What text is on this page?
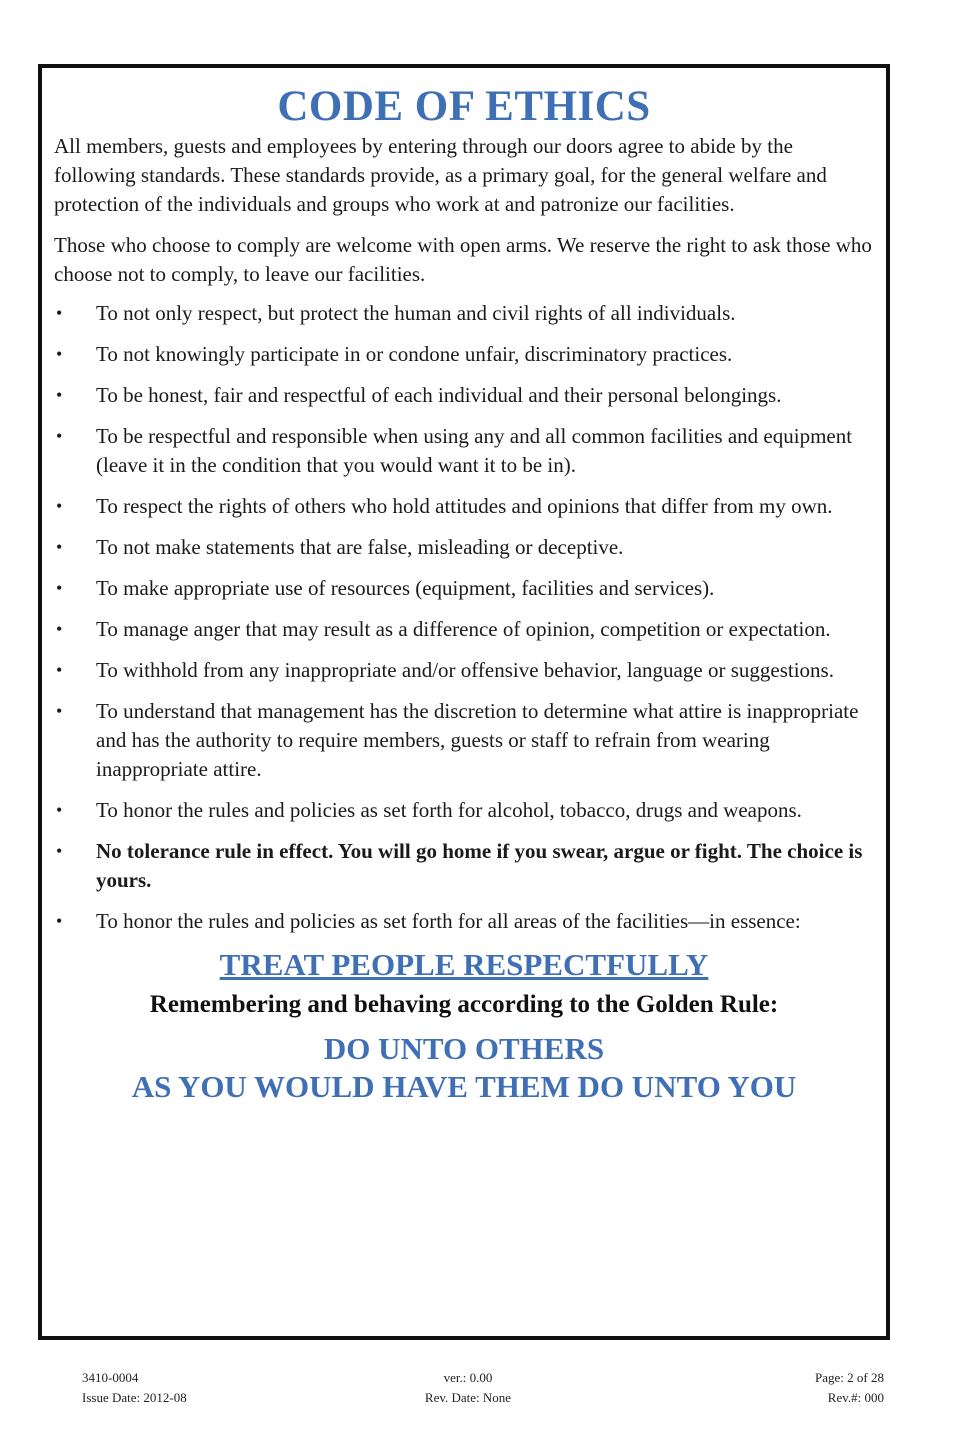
CODE OF ETHICS

All members, guests and employees by entering through our doors agree to abide by the following standards. These standards provide, as a primary goal, for the general welfare and protection of the individuals and groups who work at and patronize our facilities.

Those who choose to comply are welcome with open arms. We reserve the right to ask those who choose not to comply, to leave our facilities.

• To not only respect, but protect the human and civil rights of all individuals.
• To not knowingly participate in or condone unfair, discriminatory practices.
• To be honest, fair and respectful of each individual and their personal belongings.
• To be respectful and responsible when using any and all common facilities and equipment (leave it in the condition that you would want it to be in).
• To respect the rights of others who hold attitudes and opinions that differ from my own.
• To not make statements that are false, misleading or deceptive.
• To make appropriate use of resources (equipment, facilities and services).
• To manage anger that may result as a difference of opinion, competition or expectation.
• To withhold from any inappropriate and/or offensive behavior, language or suggestions.
• To understand that management has the discretion to determine what attire is inappropriate and has the authority to require members, guests or staff to refrain from wearing inappropriate attire.
• To honor the rules and policies as set forth for alcohol, tobacco, drugs and weapons.
• No tolerance rule in effect. You will go home if you swear, argue or fight. The choice is yours.
• To honor the rules and policies as set forth for all areas of the facilities—in essence:
TREAT PEOPLE RESPECTFULLY
Remembering and behaving according to the Golden Rule:
DO UNTO OTHERS
AS YOU WOULD HAVE THEM DO UNTO YOU
3410-0004
Issue Date: 2012-08
ver.: 0.00
Rev. Date: None
Page: 2 of 28
Rev.#: 000
